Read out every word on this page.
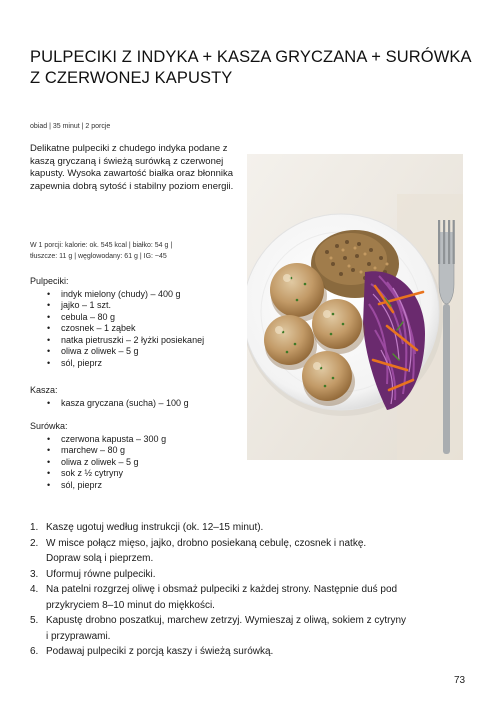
PULPECIKI Z INDYKA + KASZA GRYCZANA + SURÓWKA
Z CZERWONEJ KAPUSTY
obiad | 35 minut | 2 porcje
Delikatne pulpeciki z chudego indyka podane z kaszą gryczaną i świeżą surówką z czerwonej kapusty. Wysoka zawartość białka oraz błonnika zapewnia dobrą sytość i stabilny poziom energii.
W 1 porcji: kalorie: ok. 545 kcal | białko: 54 g |
tłuszcze: 11 g | węglowodany: 61 g | IG: ~45
Pulpeciki:
• indyk mielony (chudy) – 400 g
• jajko – 1 szt.
• cebula – 80 g
• czosnek – 1 ząbek
• natka pietruszki – 2 łyżki posiekanej
• oliwa z oliwek – 5 g
• sól, pieprz
Kasza:
• kasza gryczana (sucha) – 100 g
Surówka:
• czerwona kapusta – 300 g
• marchew – 80 g
• oliwa z oliwek – 5 g
• sok z ½ cytryny
• sól, pieprz
1. Kaszę ugotuj według instrukcji (ok. 12–15 minut).
2. W misce połącz mięso, jajko, drobno posiekaną cebulę, czosnek i natkę.
Dopraw solą i pieprzem.
3. Uformuj równe pulpeciki.
4. Na patelni rozgrzej oliwę i obsmaż pulpeciki z każdej strony. Następnie duś pod
przykryciem 8–10 minut do miękkości.
5. Kapustę drobno poszatkuj, marchew zetrzyj. Wymieszaj z oliwą, sokiem z cytryny
i przyprawami.
6. Podawaj pulpeciki z porcją kaszy i świeżą surówką.
73
